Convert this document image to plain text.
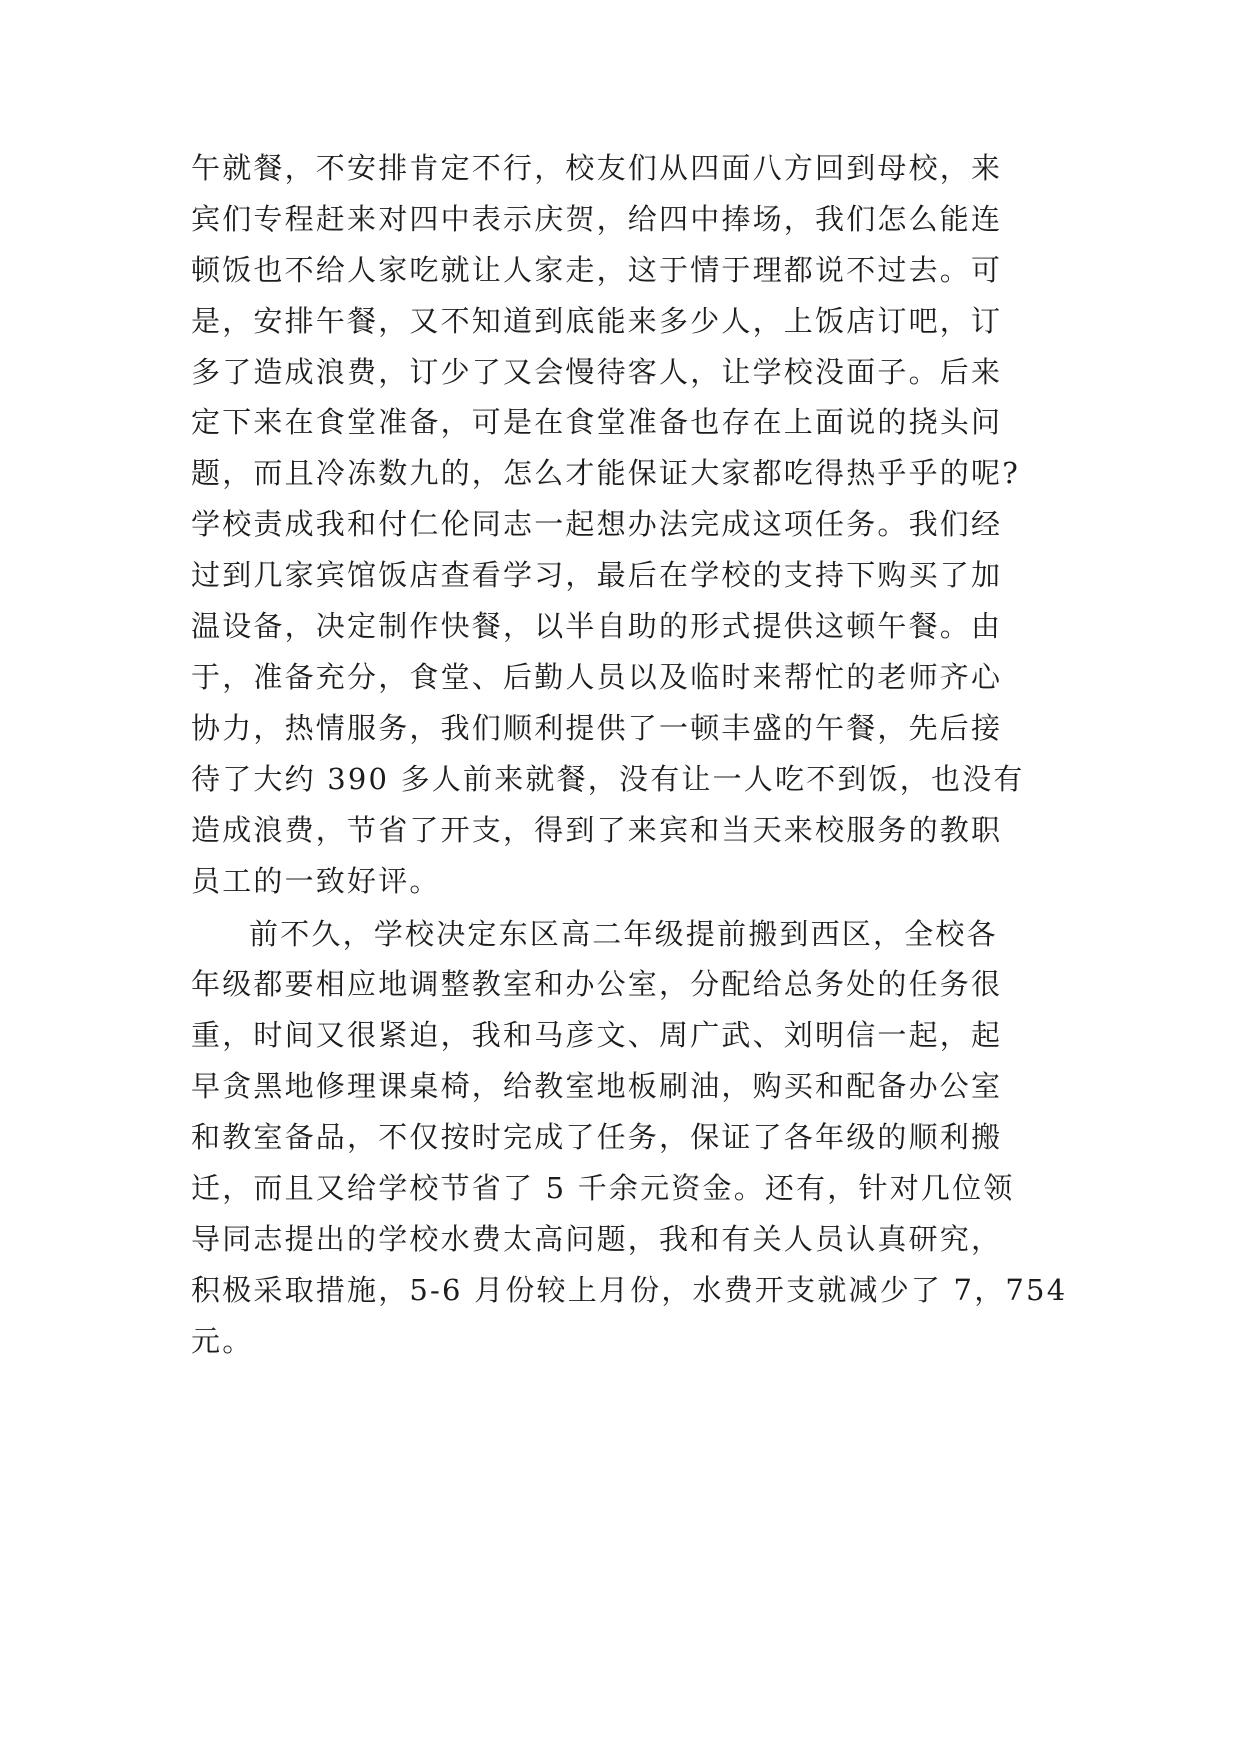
午就餐，不安排肯定不行，校友们从四面八方回到母校，来
宾们专程赶来对四中表示庆贺，给四中捧场，我们怎么能连
顿饭也不给人家吃就让人家走，这于情于理都说不过去。可
是，安排午餐，又不知道到底能来多少人，上饭店订吧，订
多了造成浪费，订少了又会慢待客人，让学校没面子。后来
定下来在食堂准备，可是在食堂准备也存在上面说的挠头问
题，而且冷冻数九的，怎么才能保证大家都吃得热乎乎的呢?
学校责成我和付仁伦同志一起想办法完成这项任务。我们经
过到几家宾馆饭店查看学习，最后在学校的支持下购买了加
温设备，决定制作快餐，以半自助的形式提供这顿午餐。由
于，准备充分，食堂、后勤人员以及临时来帮忙的老师齐心
协力，热情服务，我们顺利提供了一顿丰盛的午餐，先后接
待了大约 390 多人前来就餐，没有让一人吃不到饭，也没有
造成浪费，节省了开支，得到了来宾和当天来校服务的教职
员工的一致好评。
前不久，学校决定东区高二年级提前搬到西区，全校各
年级都要相应地调整教室和办公室，分配给总务处的任务很
重，时间又很紧迫，我和马彦文、周广武、刘明信一起，起
早贪黑地修理课桌椅，给教室地板刷油，购买和配备办公室
和教室备品，不仅按时完成了任务，保证了各年级的顺利搬
迁，而且又给学校节省了 5 千余元资金。还有，针对几位领
导同志提出的学校水费太高问题，我和有关人员认真研究，
积极采取措施，5-6 月份较上月份，水费开支就减少了 7，754
元。
